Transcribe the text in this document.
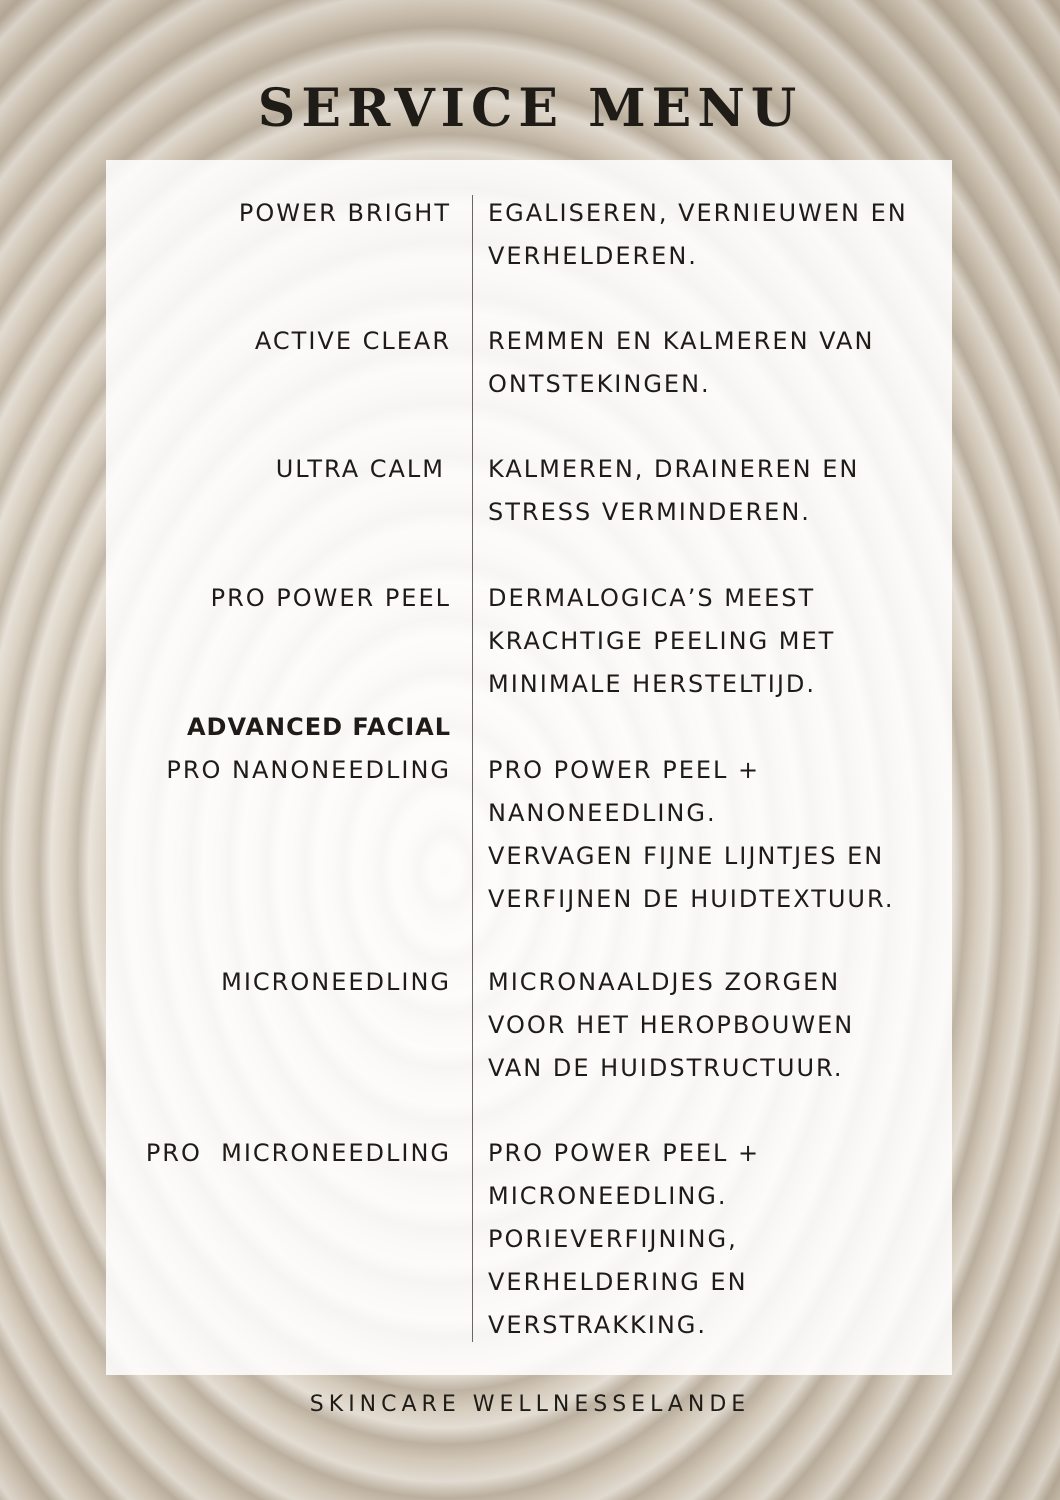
SERVICE MENU
POWER BRIGHT EGALISEREN, VERNIEUWEN EN
VERHELDEREN.
ACTIVE CLEAR REMMEN EN KALMEREN VAN
ONTSTEKINGEN.
ULTRA CALM KALMEREN, DRAINEREN EN
STRESS VERMINDEREN.
PRO POWER PEEL DERMALOGICA’S MEEST
KRACHTIGE PEELING MET
MINIMALE HERSTELTIJD.
ADVANCED FACIAL
PRO NANONEEDLING PRO POWER PEEL +
NANONEEDLING.
VERVAGEN FIJNE LIJNTJES EN
VERFIJNEN DE HUIDTEXTUUR.
MICRONEEDLING MICRONAALDJES ZORGEN
VOOR HET HEROPBOUWEN
VAN DE HUIDSTRUCTUUR.
PRO  MICRONEEDLING PRO POWER PEEL +
MICRONEEDLING.
PORIEVERFIJNING,
VERHELDERING EN
VERSTRAKKING.
SKINCARE WELLNESSELANDE
